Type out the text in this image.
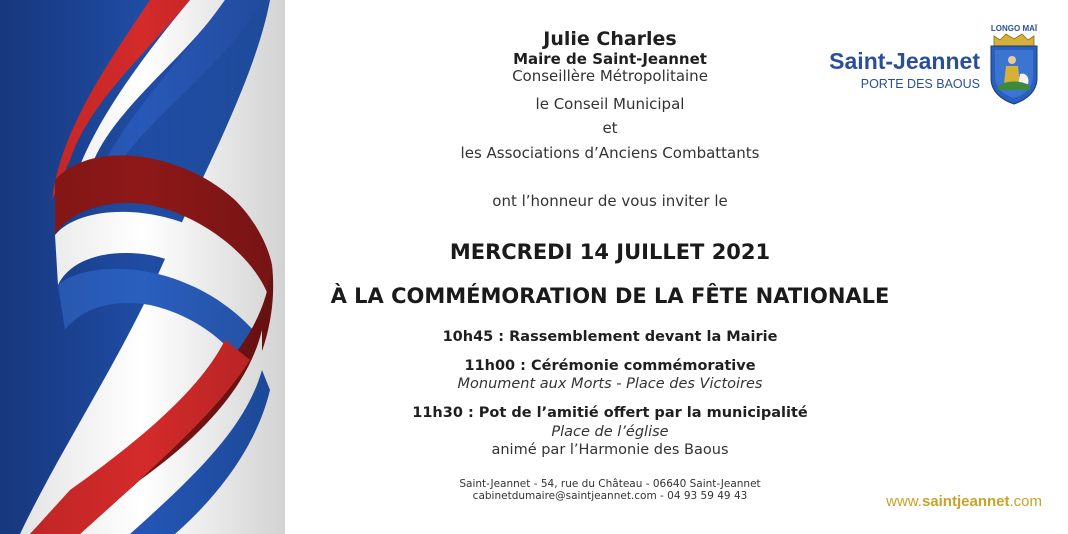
Julie Charles
Maire de Saint-Jeannet
Conseillère Métropolitaine
le Conseil Municipal
et
les Associations d’Anciens Combattants
ont l’honneur de vous inviter le
MERCREDI 14 JUILLET 2021
À LA COMMÉMORATION DE LA FÊTE NATIONALE
10h45 : Rassemblement devant la Mairie
11h00 : Cérémonie commémorative
Monument aux Morts - Place des Victoires
11h30 : Pot de l’amitié offert par la municipalité
Place de l’église
animé par l’Harmonie des Baous
Saint-Jeannet - 54, rue du Château - 06640 Saint-Jeannet
cabinetdumaire@saintjeannet.com - 04 93 59 49 43
Saint-Jeannet
PORTE DES BAOUS
LONGO MAÏ
www.saintjeannet.com
